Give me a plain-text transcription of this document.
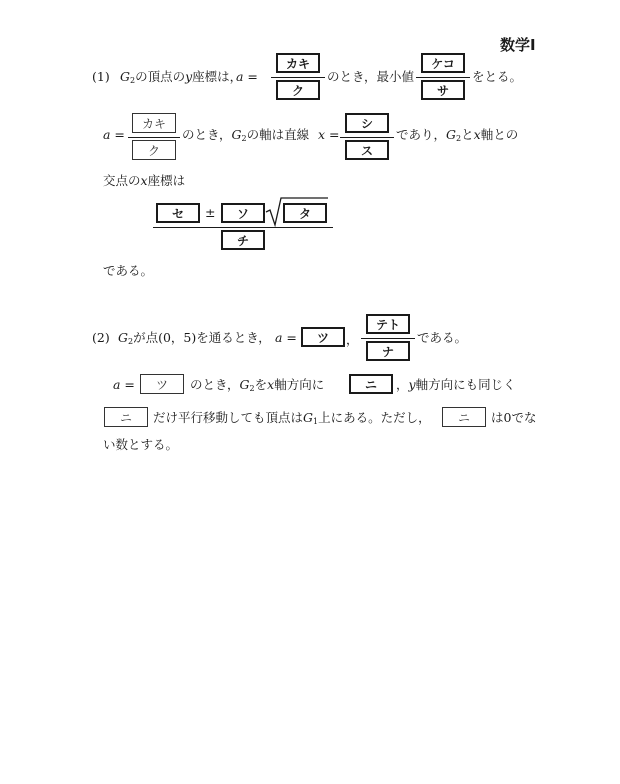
数学Ⅰ
(1) $G_2$の頂点のy座標は，
a =
カキ
ク
のとき，最小値
ケコ
サ
をとる。
a =
カキ
ク
のとき，$G_2$の軸は直線 x =
シ
ス
であり，$G_2$とx軸との
交点のx座標は
セ	±	ソ	タ
チ
である。
(2) $G_2$が点(0，5)を通るとき， a =	ツ	，
テト
ナ
である。
a =	ツ	のとき，$G_2$をx軸方向に	ニ	，y軸方向にも同じく
ニ	だけ平行移動しても頂点は$G_1$上にある。ただし，	ニ	は0でな
い数とする。
